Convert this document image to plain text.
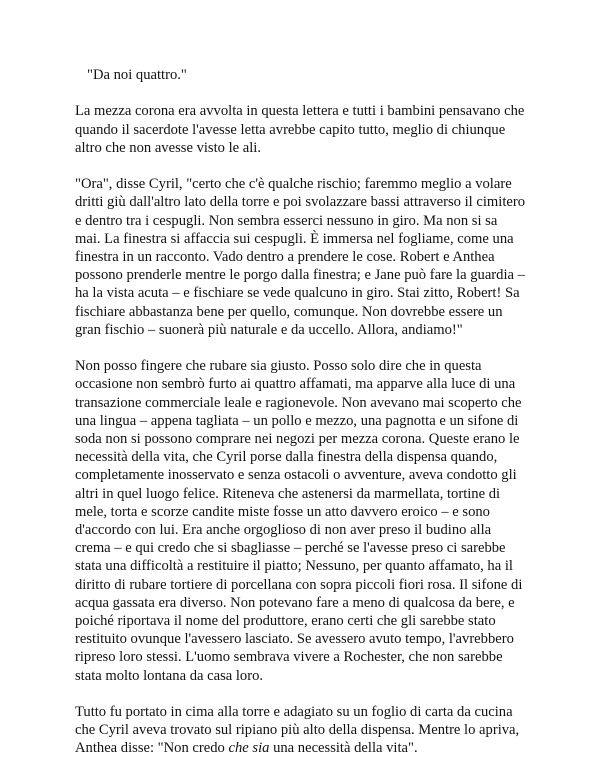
"Da noi quattro."

La mezza corona era avvolta in questa lettera e tutti i bambini pensavano che quando il sacerdote l'avesse letta avrebbe capito tutto, meglio di chiunque altro che non avesse visto le ali.

"Ora", disse Cyril, "certo che c'è qualche rischio; faremmo meglio a volare dritti giù dall'altro lato della torre e poi svolazzare bassi attraverso il cimitero e dentro tra i cespugli. Non sembra esserci nessuno in giro. Ma non si sa mai. La finestra si affaccia sui cespugli. È immersa nel fogliame, come una finestra in un racconto. Vado dentro a prendere le cose. Robert e Anthea possono prenderle mentre le porgo dalla finestra; e Jane può fare la guardia – ha la vista acuta – e fischiare se vede qualcuno in giro. Stai zitto, Robert! Sa fischiare abbastanza bene per quello, comunque. Non dovrebbe essere un gran fischio – suonerà più naturale e da uccello. Allora, andiamo!"

Non posso fingere che rubare sia giusto. Posso solo dire che in questa occasione non sembrò furto ai quattro affamati, ma apparve alla luce di una transazione commerciale leale e ragionevole. Non avevano mai scoperto che una lingua – appena tagliata – un pollo e mezzo, una pagnotta e un sifone di soda non si possono comprare nei negozi per mezza corona. Queste erano le necessità della vita, che Cyril porse dalla finestra della dispensa quando, completamente inosservato e senza ostacoli o avventure, aveva condotto gli altri in quel luogo felice. Riteneva che astenersi da marmellata, tortine di mele, torta e scorze candite miste fosse un atto davvero eroico – e sono d'accordo con lui. Era anche orgoglioso di non aver preso il budino alla crema – e qui credo che si sbagliasse – perché se l'avesse preso ci sarebbe stata una difficoltà a restituire il piatto; Nessuno, per quanto affamato, ha il diritto di rubare tortiere di porcellana con sopra piccoli fiori rosa. Il sifone di acqua gassata era diverso. Non potevano fare a meno di qualcosa da bere, e poiché riportava il nome del produttore, erano certi che gli sarebbe stato restituito ovunque l'avessero lasciato. Se avessero avuto tempo, l'avrebbero ripreso loro stessi. L'uomo sembrava vivere a Rochester, che non sarebbe stata molto lontana da casa loro.

Tutto fu portato in cima alla torre e adagiato su un foglio di carta da cucina che Cyril aveva trovato sul ripiano più alto della dispensa. Mentre lo apriva, Anthea disse: "Non credo che sia una necessità della vita".
